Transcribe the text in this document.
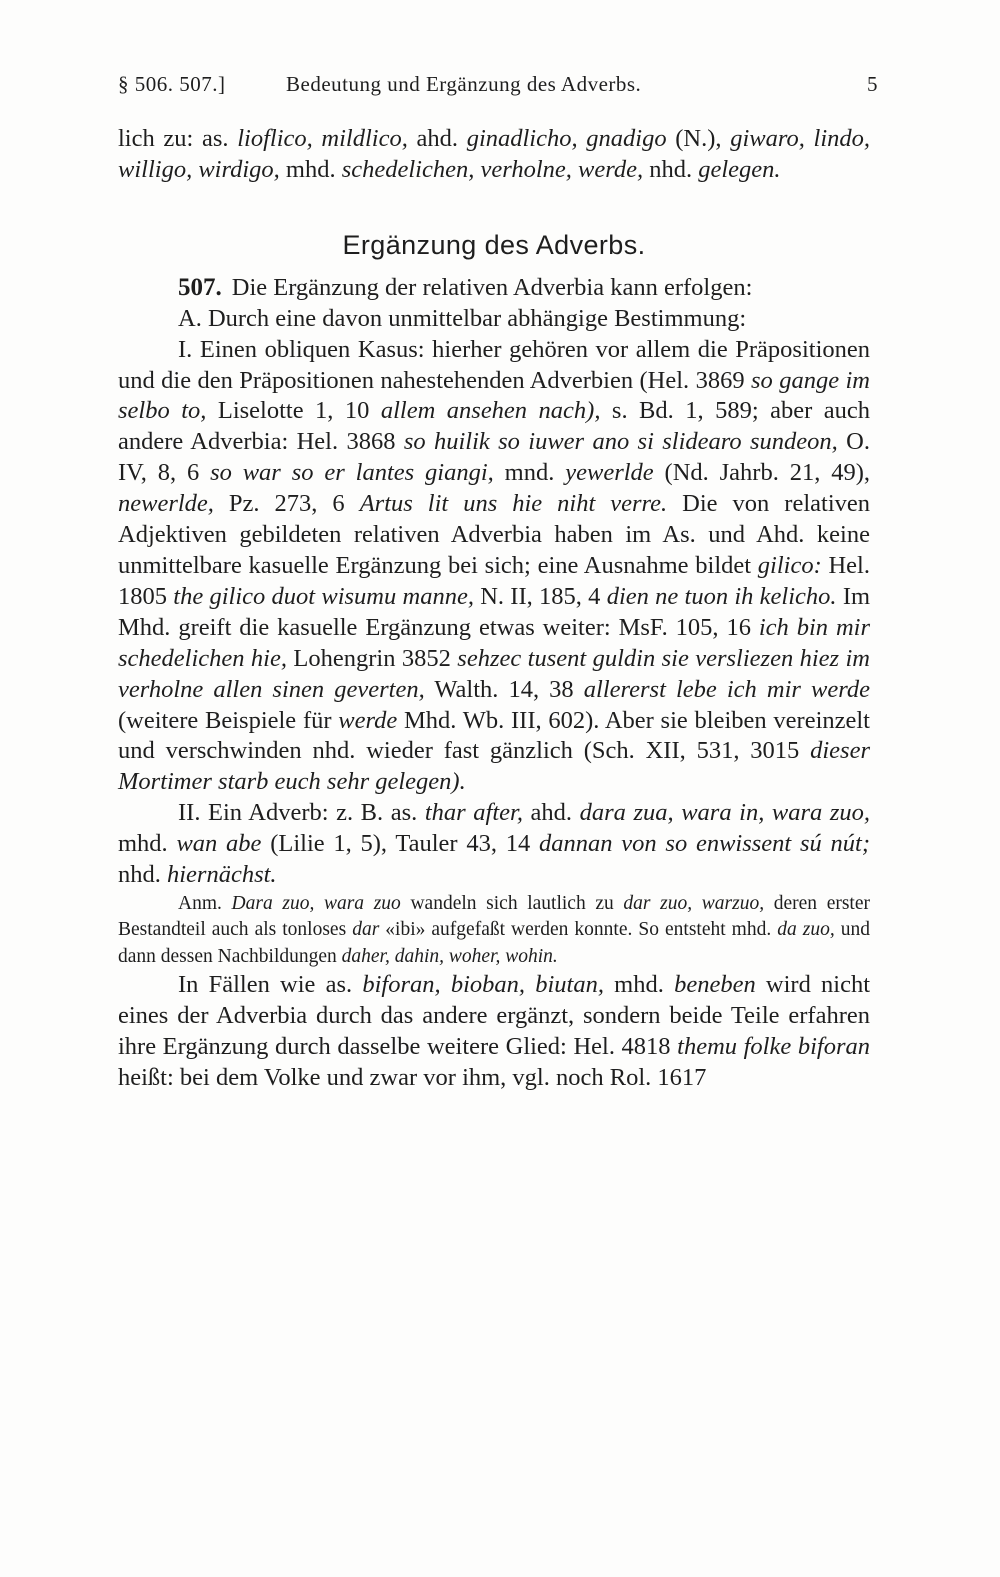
§ 506. 507.]	Bedeutung und Ergänzung des Adverbs.	5

lich zu: as. lioflico, mildlico, ahd. ginadlicho, gnadigo (N.), giwaro, lindo, willigo, wirdigo, mhd. schedelichen, verholne, werde, nhd. gelegen.

Ergänzung des Adverbs.

507. Die Ergänzung der relativen Adverbia kann erfolgen:

A. Durch eine davon unmittelbar abhängige Bestimmung:

I. Einen obliquen Kasus: hierher gehören vor allem die Präpositionen und die den Präpositionen nahestehenden Adverbien (Hel. 3869 so gange im selbo to, Liselotte 1, 10 allem ansehen nach), s. Bd. 1, 589; aber auch andere Adverbia: Hel. 3868 so huilik so iuwer ano si slidearo sundeon, O. IV, 8, 6 so war so er lantes giangi, mnd. yewerlde (Nd. Jahrb. 21, 49), newerlde, Pz. 273, 6 Artus lit uns hie niht verre. Die von relativen Adjektiven gebildeten relativen Adverbia haben im As. und Ahd. keine unmittelbare kasuelle Ergänzung bei sich; eine Ausnahme bildet gilico: Hel. 1805 the gilico duot wisumu manne, N. II, 185, 4 dien ne tuon ih kelicho. Im Mhd. greift die kasuelle Ergänzung etwas weiter: MsF. 105, 16 ich bin mir schedelichen hie, Lohengrin 3852 sehzec tusent guldin sie versliezen hiez im verholne allen sinen geverten, Walth. 14, 38 allererst lebe ich mir werde (weitere Beispiele für werde Mhd. Wb. III, 602). Aber sie bleiben vereinzelt und verschwinden nhd. wieder fast gänzlich (Sch. XII, 531, 3015 dieser Mortimer starb euch sehr gelegen).

II. Ein Adverb: z. B. as. thar after, ahd. dara zua, wara in, wara zuo, mhd. wan abe (Lilie 1, 5), Tauler 43, 14 dannan von so enwissent sú nút; nhd. hiernächst.

Anm. Dara zuo, wara zuo wandeln sich lautlich zu dar zuo, warzuo, deren erster Bestandteil auch als tonloses dar «ibi» aufgefaßt werden konnte. So entsteht mhd. da zuo, und dann dessen Nachbildungen daher, dahin, woher, wohin.

In Fällen wie as. biforan, bioban, biutan, mhd. beneben wird nicht eines der Adverbia durch das andere ergänzt, sondern beide Teile erfahren ihre Ergänzung durch dasselbe weitere Glied: Hel. 4818 themu folke biforan heißt: bei dem Volke und zwar vor ihm, vgl. noch Rol. 1617
